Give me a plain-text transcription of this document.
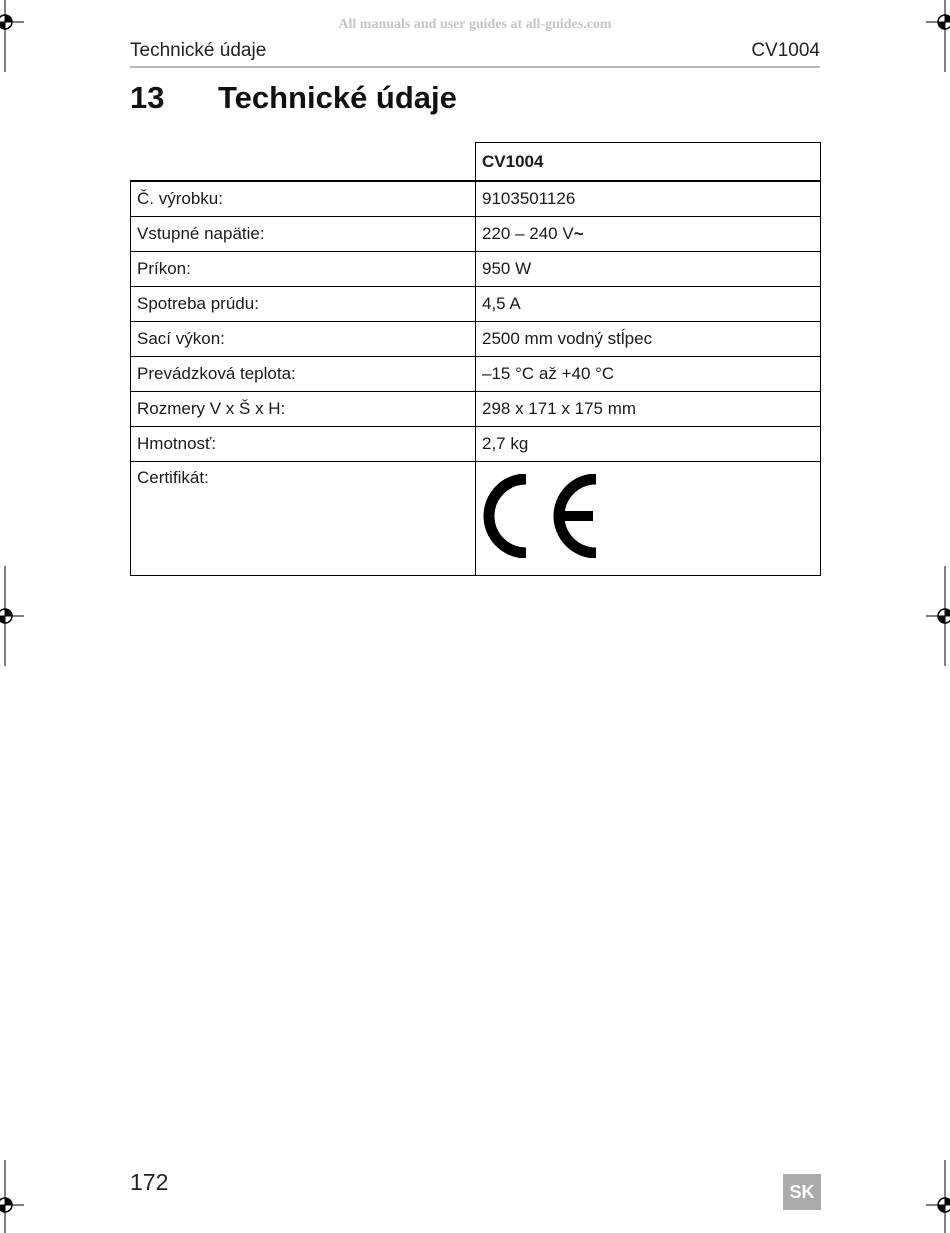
All manuals and user guides at all-guides.com
Technické údaje	CV1004
13 Technické údaje
	CV1004
Č. výrobku:	9103501126
Vstupné napätie:	220 – 240 V~
Príkon:	950 W
Spotreba prúdu:	4,5 A
Sací výkon:	2500 mm vodný stĺpec
Prevádzková teplota:	–15 °C až +40 °C
Rozmery V x Š x H:	298 x 171 x 175 mm
Hmotnosť:	2,7 kg
Certifikát:	
172	SK
